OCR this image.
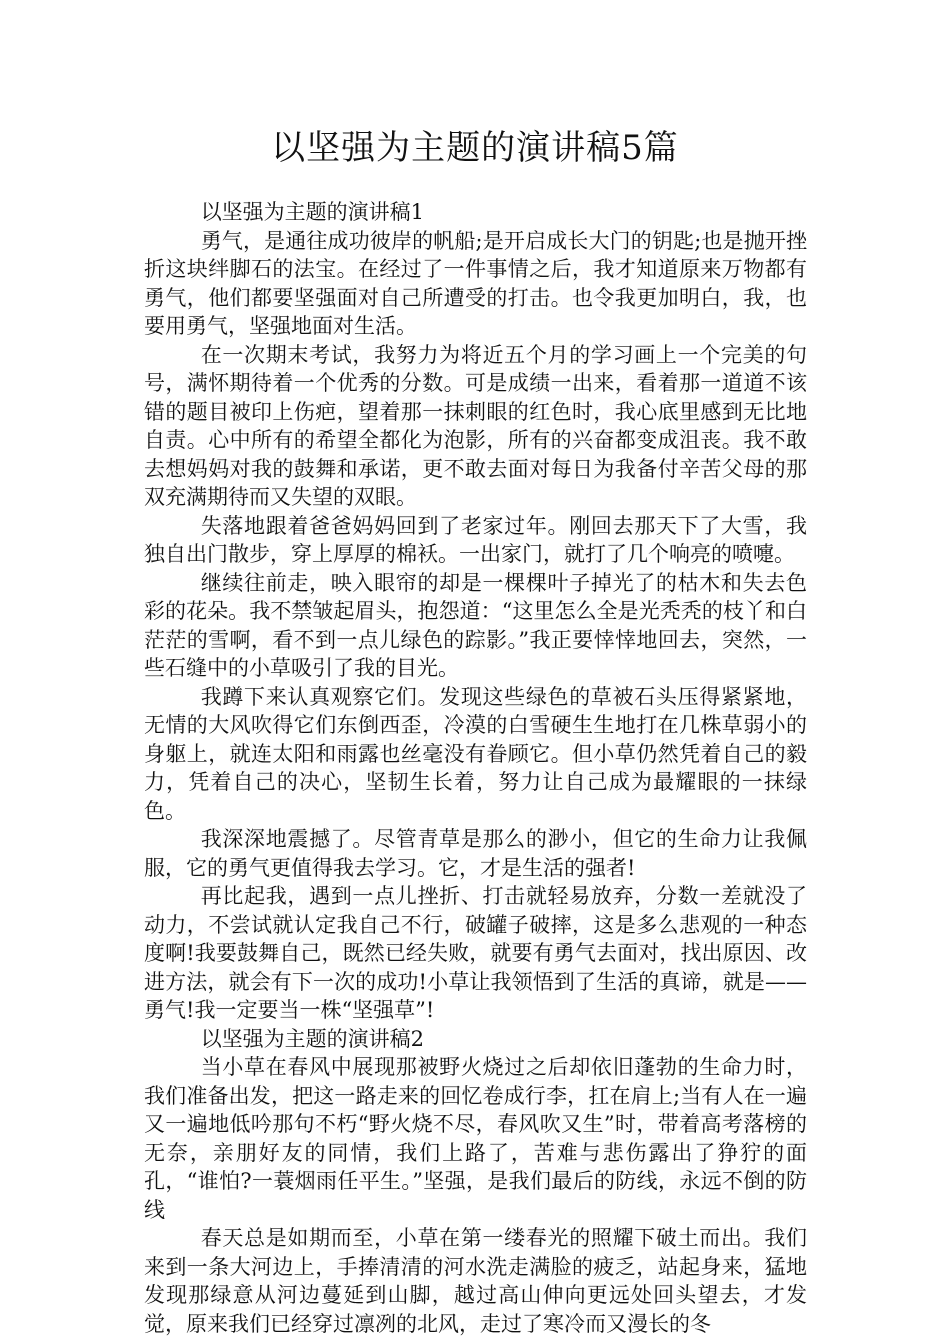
以坚强为主题的演讲稿5篇

以坚强为主题的演讲稿1

勇气，是通往成功彼岸的帆船;是开启成长大门的钥匙;也是抛开挫折这块绊脚石的法宝。在经过了一件事情之后，我才知道原来万物都有勇气，他们都要坚强面对自己所遭受的打击。也令我更加明白，我，也要用勇气，坚强地面对生活。

在一次期末考试，我努力为将近五个月的学习画上一个完美的句号，满怀期待着一个优秀的分数。可是成绩一出来，看着那一道道不该错的题目被印上伤疤，望着那一抹刺眼的红色时，我心底里感到无比地自责。心中所有的希望全都化为泡影，所有的兴奋都变成沮丧。我不敢去想妈妈对我的鼓舞和承诺，更不敢去面对每日为我备付辛苦父母的那双充满期待而又失望的双眼。

失落地跟着爸爸妈妈回到了老家过年。刚回去那天下了大雪，我独自出门散步，穿上厚厚的棉袄。一出家门，就打了几个响亮的喷嚏。

继续往前走，映入眼帘的却是一棵棵叶子掉光了的枯木和失去色彩的花朵。我不禁皱起眉头，抱怨道：“这里怎么全是光秃秃的枝丫和白茫茫的雪啊，看不到一点儿绿色的踪影。”我正要悻悻地回去，突然，一些石缝中的小草吸引了我的目光。

我蹲下来认真观察它们。发现这些绿色的草被石头压得紧紧地，无情的大风吹得它们东倒西歪，冷漠的白雪硬生生地打在几株草弱小的身躯上，就连太阳和雨露也丝毫没有眷顾它。但小草仍然凭着自己的毅力，凭着自己的决心，坚韧生长着，努力让自己成为最耀眼的一抹绿色。

我深深地震撼了。尽管青草是那么的渺小，但它的生命力让我佩服，它的勇气更值得我去学习。它，才是生活的强者!

再比起我，遇到一点儿挫折、打击就轻易放弃，分数一差就没了动力，不尝试就认定我自己不行，破罐子破摔，这是多么悲观的一种态度啊!我要鼓舞自己，既然已经失败，就要有勇气去面对，找出原因、改进方法，就会有下一次的成功!小草让我领悟到了生活的真谛，就是——勇气!我一定要当一株“坚强草”!

以坚强为主题的演讲稿2

当小草在春风中展现那被野火烧过之后却依旧蓬勃的生命力时，我们准备出发，把这一路走来的回忆卷成行李，扛在肩上;当有人在一遍又一遍地低吟那句不朽“野火烧不尽，春风吹又生”时，带着高考落榜的无奈，亲朋好友的同情，我们上路了，苦难与悲伤露出了狰狞的面孔，“谁怕?一蓑烟雨任平生。”坚强，是我们最后的防线，永远不倒的防线

春天总是如期而至，小草在第一缕春光的照耀下破土而出。我们来到一条大河边上，手捧清清的河水洗走满脸的疲乏，站起身来，猛地发现那绿意从河边蔓延到山脚，越过高山伸向更远处回头望去，才发觉，原来我们已经穿过凛冽的北风，走过了寒冷而又漫长的冬
